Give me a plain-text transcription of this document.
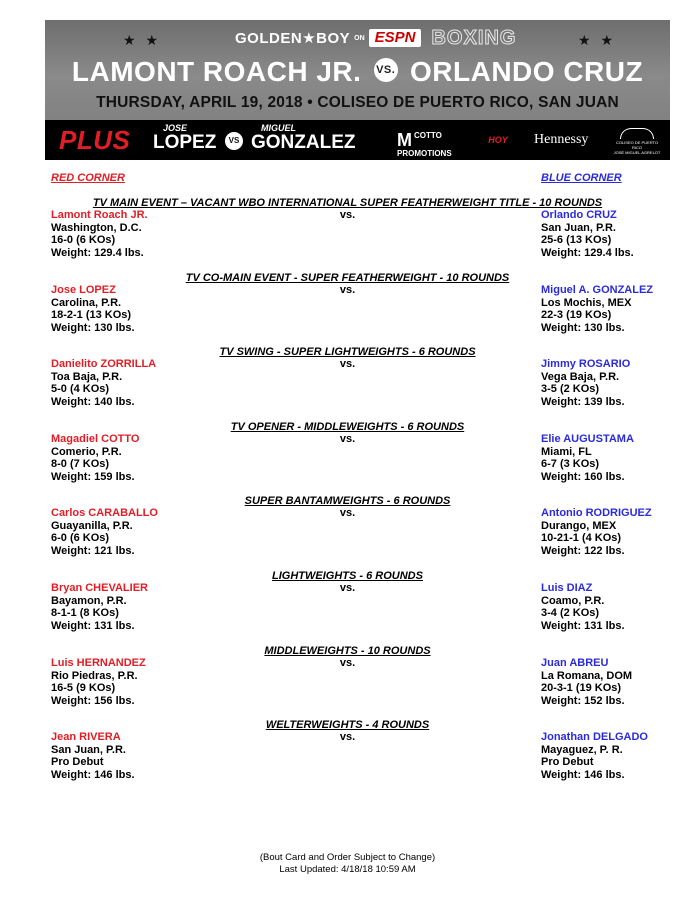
★★	★★
GOLDEN★BOY ON ESPN BOXING
LAMONT ROACH JR. VS. ORLANDO CRUZ
THURSDAY, APRIL 19, 2018 • COLISEO DE PUERTO RICO, SAN JUAN
PLUS	JOSE
LOPEZ	VS
MIGUEL
GONZALEZ M COTTO
PROMOTIONS
HOY	Hennessy	COLISEO DE PUERTO RICO
JOSÉ MIGUEL AGRELOT
RED CORNER	BLUE CORNER
TV MAIN EVENT – VACANT WBO INTERNATIONAL SUPER FEATHERWEIGHT TITLE - 10 ROUNDS
Lamont Roach JR.
Washington, D.C.
16-0 (6 KOs)
Weight: 129.4 lbs.
vs.	Orlando CRUZ
San Juan, P.R.
25-6 (13 KOs)
Weight: 129.4 lbs.
TV CO-MAIN EVENT - SUPER FEATHERWEIGHT - 10 ROUNDS
Jose LOPEZ
Carolina, P.R.
18-2-1 (13 KOs)
Weight: 130 lbs.
vs.	Miguel A. GONZALEZ
Los Mochis, MEX
22-3 (19 KOs)
Weight: 130 lbs.
TV SWING - SUPER LIGHTWEIGHTS - 6 ROUNDS
Danielito ZORRILLA
Toa Baja, P.R.
5-0 (4 KOs)
Weight: 140 lbs.
vs.	Jimmy ROSARIO
Vega Baja, P.R.
3-5 (2 KOs)
Weight: 139 lbs.
TV OPENER - MIDDLEWEIGHTS - 6 ROUNDS
Magadiel COTTO
Comerio, P.R.
8-0 (7 KOs)
Weight: 159 lbs.
vs.	Elie AUGUSTAMA
Miami, FL
6-7 (3 KOs)
Weight: 160 lbs.
SUPER BANTAMWEIGHTS - 6 ROUNDS
Carlos CARABALLO
Guayanilla, P.R.
6-0 (6 KOs)
Weight: 121 lbs.
vs.	Antonio RODRIGUEZ
Durango, MEX
10-21-1 (4 KOs)
Weight: 122 lbs.
LIGHTWEIGHTS - 6 ROUNDS
Bryan CHEVALIER
Bayamon, P.R.
8-1-1 (8 KOs)
Weight: 131 lbs.
vs.	Luis DIAZ
Coamo, P.R.
3-4 (2 KOs)
Weight: 131 lbs.
MIDDLEWEIGHTS - 10 ROUNDS
Luis HERNANDEZ
Rio Piedras, P.R.
16-5 (9 KOs)
Weight: 156 lbs.
vs.	Juan ABREU
La Romana, DOM
20-3-1 (19 KOs)
Weight: 152 lbs.
WELTERWEIGHTS - 4 ROUNDS
Jean RIVERA
San Juan, P.R.
Pro Debut
Weight: 146 lbs.
vs.	Jonathan DELGADO
Mayaguez, P. R.
Pro Debut
Weight: 146 lbs.
(Bout Card and Order Subject to Change)
Last Updated: 4/18/18 10:59 AM
